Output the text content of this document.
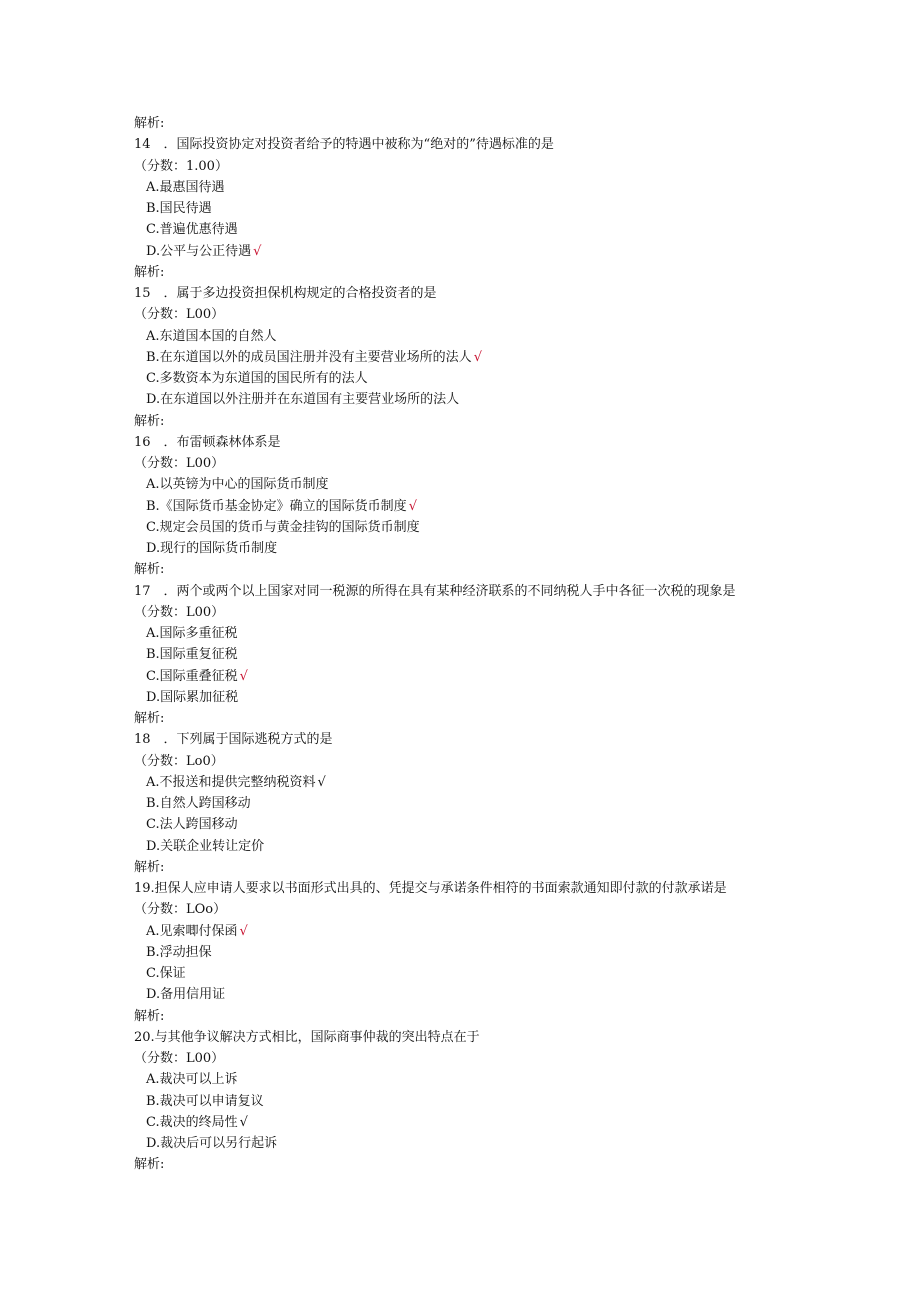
解析:
14　．国际投资协定对投资者给予的特遇中被称为“绝对的”待遇标准的是
（分数：1.00）
A.最惠国待遇
B.国民待遇
C.普遍优惠待遇
D.公平与公正待遇 √
解析:
15　．属于多边投资担保机构规定的合格投资者的是
（分数：L00）
A.东道国本国的自然人
B.在东道国以外的成员国注册并没有主要营业场所的法人 √
C.多数资本为东道国的国民所有的法人
D.在东道国以外注册并在东道国有主要营业场所的法人
解析:
16　．布雷顿森林体系是
（分数：L00）
A.以英镑为中心的国际货币制度
B.《国际货币基金协定》确立的国际货币制度 √
C.规定会员国的货币与黄金挂钩的国际货币制度
D.现行的国际货币制度
解析:
17　．两个或两个以上国家对同一税源的所得在具有某种经济联系的不同纳税人手中各征一次税的现象是
（分数：L00）
A.国际多重征税
B.国际重复征税
C.国际重叠征税 √
D.国际累加征税
解析:
18　．下列属于国际逃税方式的是
（分数：Lo0）
A.不报送和提供完整纳税资料 √
B.自然人跨国移动
C.法人跨国移动
D.关联企业转让定价
解析:
19.担保人应申请人要求以书面形式出具的、凭提交与承诺条件相符的书面索款通知即付款的付款承诺是
（分数：LOo）
A.见索唧付保函 √
B.浮动担保
C.保证
D.备用信用证
解析:
20.与其他争议解决方式相比，国际商事仲裁的突出特点在于
（分数：L00）
A.裁决可以上诉
B.裁决可以申请复议
C.裁决的终局性 √
D.裁决后可以另行起诉
解析:
